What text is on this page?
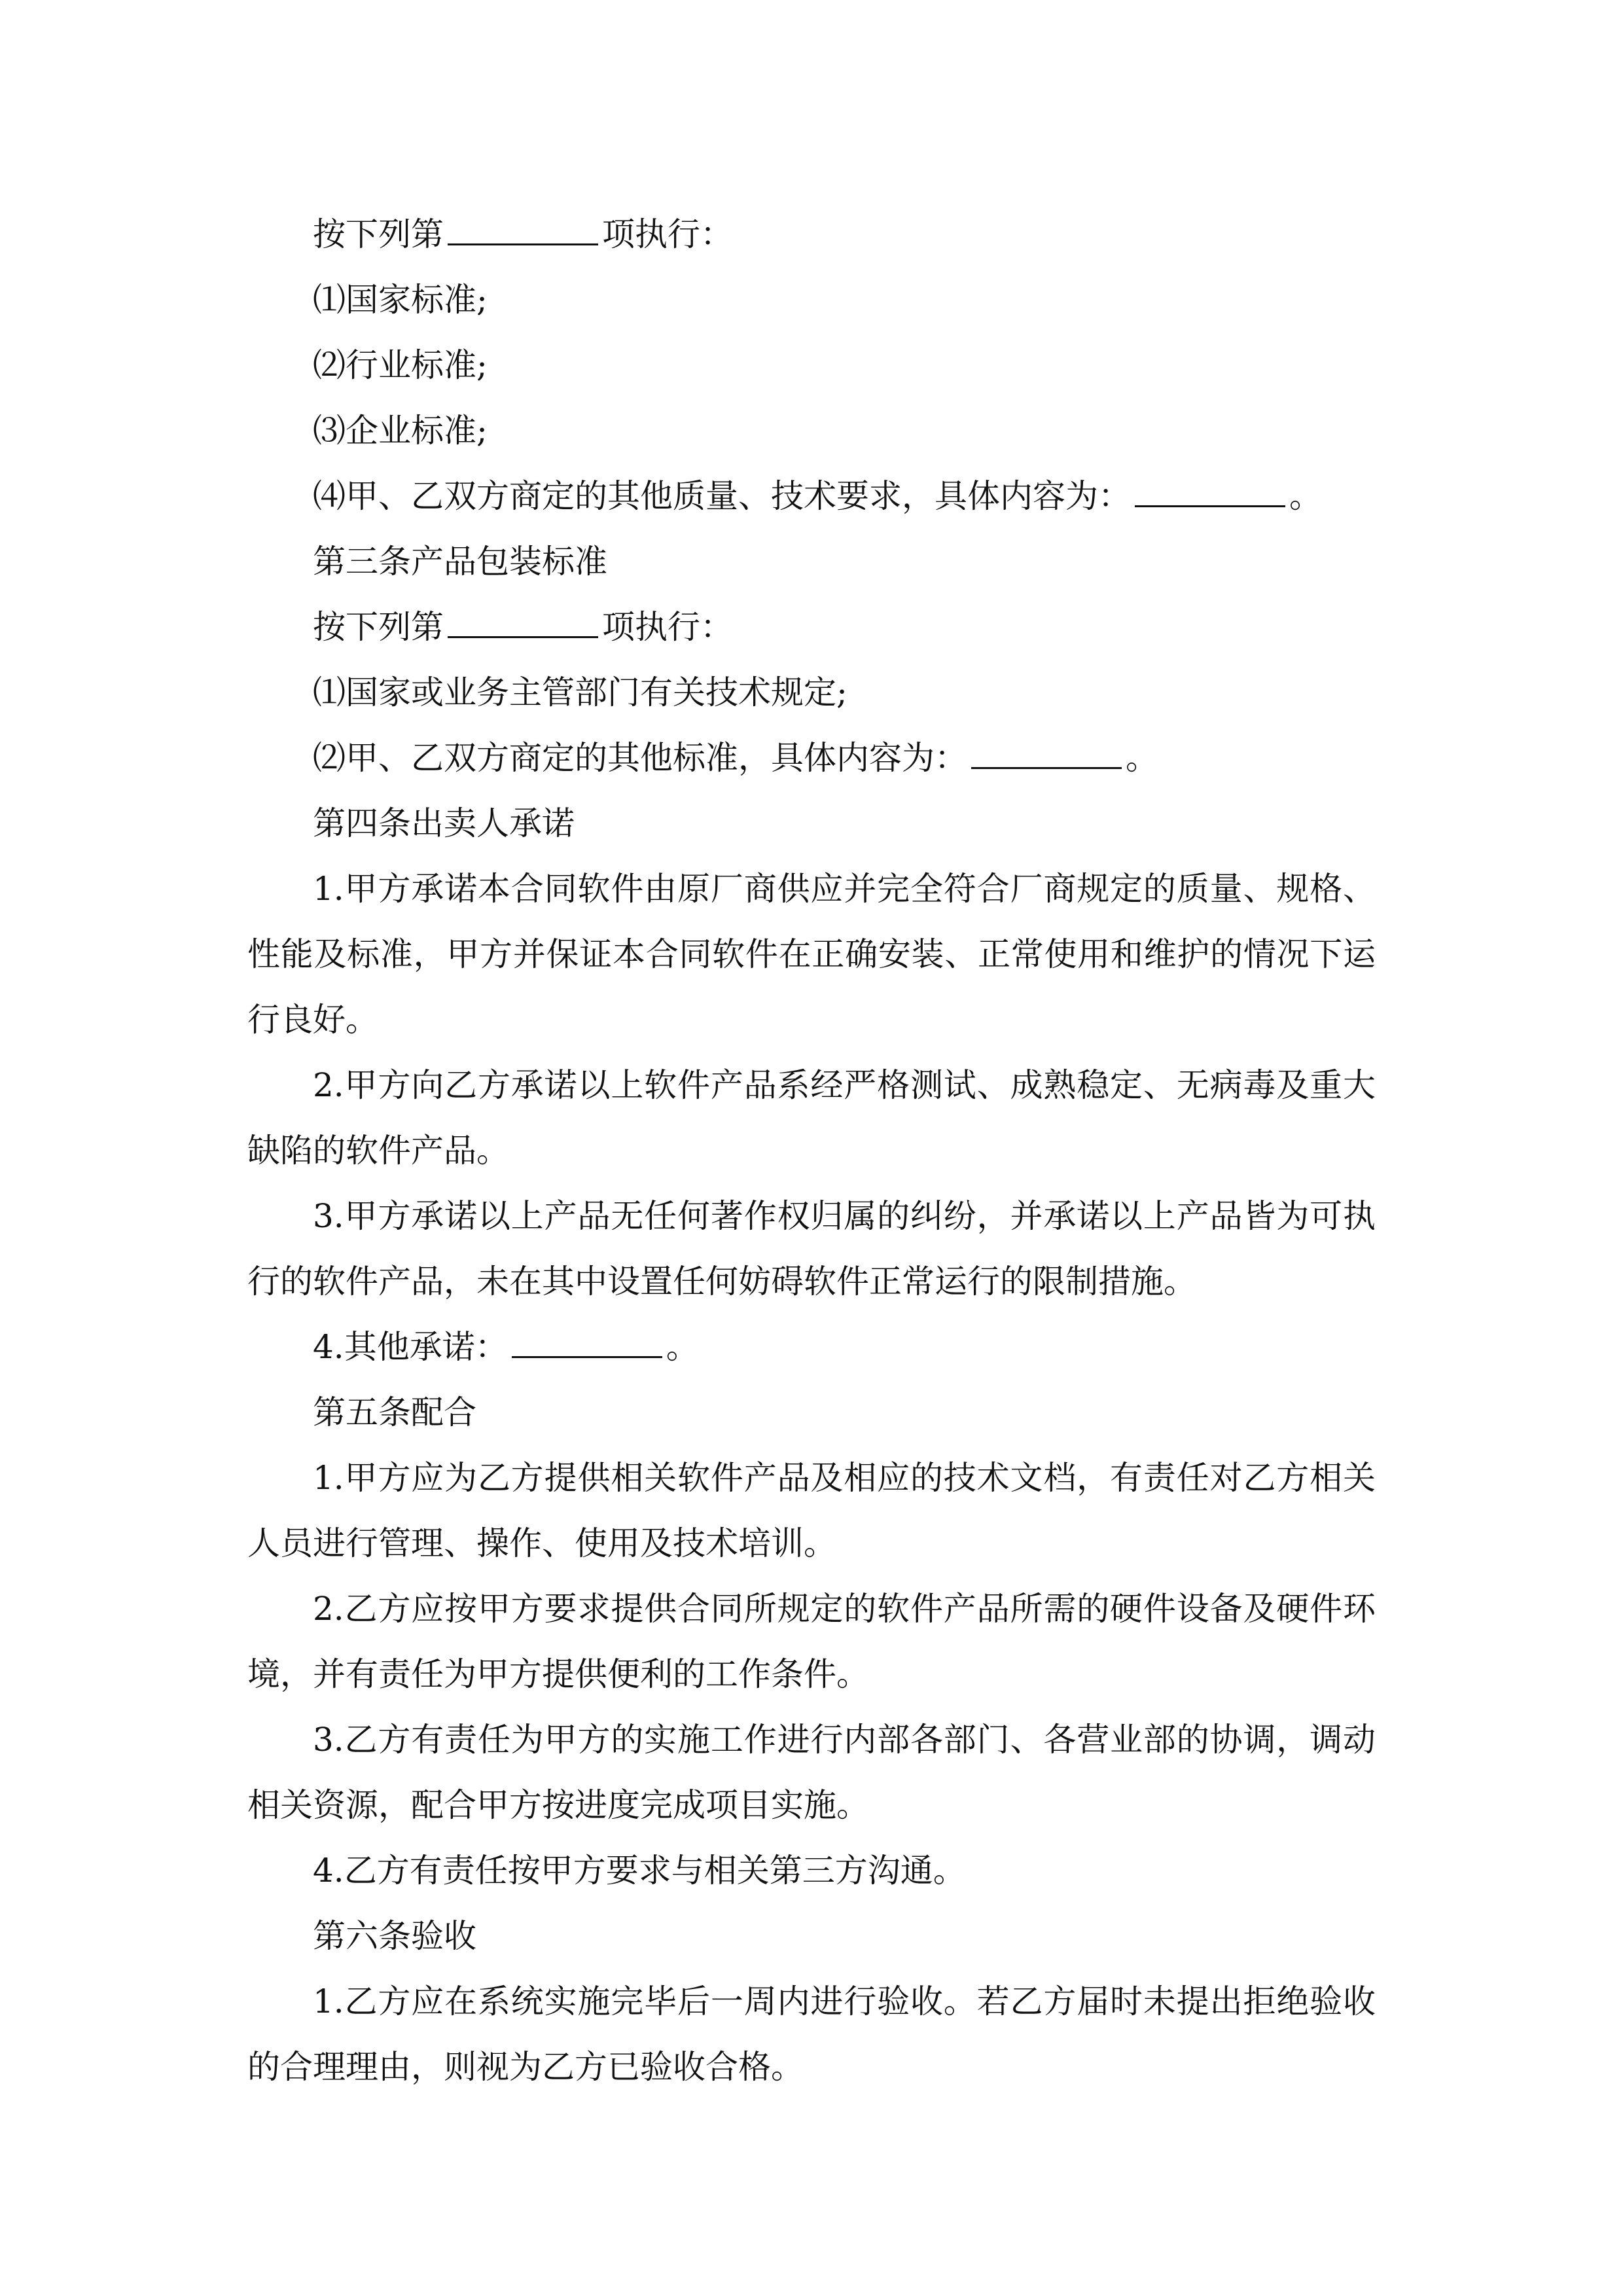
按下列第	项执行：

⑴国家标准;

⑵行业标准;

⑶企业标准;

⑷甲、乙双方商定的其他质量、技术要求，具体内容为：	。

第三条产品包装标准

按下列第	项执行：

⑴国家或业务主管部门有关技术规定;

⑵甲、乙双方商定的其他标准，具体内容为：	。

第四条出卖人承诺

1.甲方承诺本合同软件由原厂商供应并完全符合厂商规定的质量、规格、性能及标准，甲方并保证本合同软件在正确安装、正常使用和维护的情况下运行良好。

2.甲方向乙方承诺以上软件产品系经严格测试、成熟稳定、无病毒及重大缺陷的软件产品。

3.甲方承诺以上产品无任何著作权归属的纠纷，并承诺以上产品皆为可执行的软件产品，未在其中设置任何妨碍软件正常运行的限制措施。

4.其他承诺：	。

第五条配合

1.甲方应为乙方提供相关软件产品及相应的技术文档，有责任对乙方相关人员进行管理、操作、使用及技术培训。

2.乙方应按甲方要求提供合同所规定的软件产品所需的硬件设备及硬件环境，并有责任为甲方提供便利的工作条件。

3.乙方有责任为甲方的实施工作进行内部各部门、各营业部的协调，调动相关资源，配合甲方按进度完成项目实施。

4.乙方有责任按甲方要求与相关第三方沟通。

第六条验收

1.乙方应在系统实施完毕后一周内进行验收。若乙方届时未提出拒绝验收的合理理由，则视为乙方已验收合格。
